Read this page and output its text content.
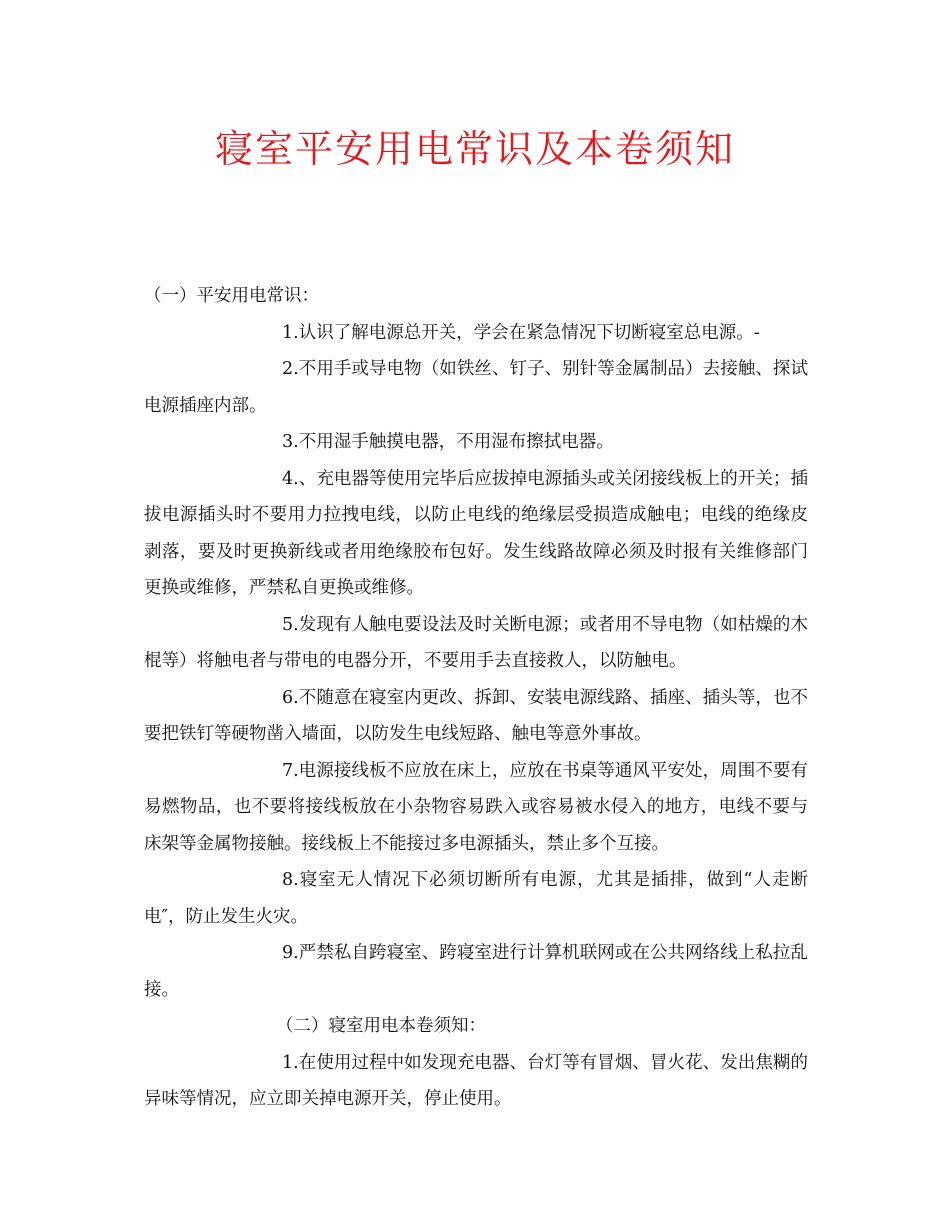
寝室平安用电常识及本卷须知
（一）平安用电常识：

1.认识了解电源总开关，学会在紧急情况下切断寝室总电源。-

2.不用手或导电物（如铁丝、钉子、别针等金属制品）去接触、探试电源插座内部。

3.不用湿手触摸电器，不用湿布擦拭电器。

4.、充电器等使用完毕后应拔掉电源插头或关闭接线板上的开关；插拔电源插头时不要用力拉拽电线，以防止电线的绝缘层受损造成触电；电线的绝缘皮剥落，要及时更换新线或者用绝缘胶布包好。发生线路故障必须及时报有关维修部门更换或维修，严禁私自更换或维修。

5.发现有人触电要设法及时关断电源；或者用不导电物（如枯燥的木棍等）将触电者与带电的电器分开，不要用手去直接救人，以防触电。

6.不随意在寝室内更改、拆卸、安装电源线路、插座、插头等，也不要把铁钉等硬物凿入墙面，以防发生电线短路、触电等意外事故。

7.电源接线板不应放在床上，应放在书桌等通风平安处，周围不要有易燃物品，也不要将接线板放在小杂物容易跌入或容易被水侵入的地方，电线不要与床架等金属物接触。接线板上不能接过多电源插头，禁止多个互接。

8.寝室无人情况下必须切断所有电源，尤其是插排，做到“人走断电″，防止发生火灾。

9.严禁私自跨寝室、跨寝室进行计算机联网或在公共网络线上私拉乱接。

（二）寝室用电本卷须知：

1.在使用过程中如发现充电器、台灯等有冒烟、冒火花、发出焦糊的异味等情况，应立即关掉电源开关，停止使用。
